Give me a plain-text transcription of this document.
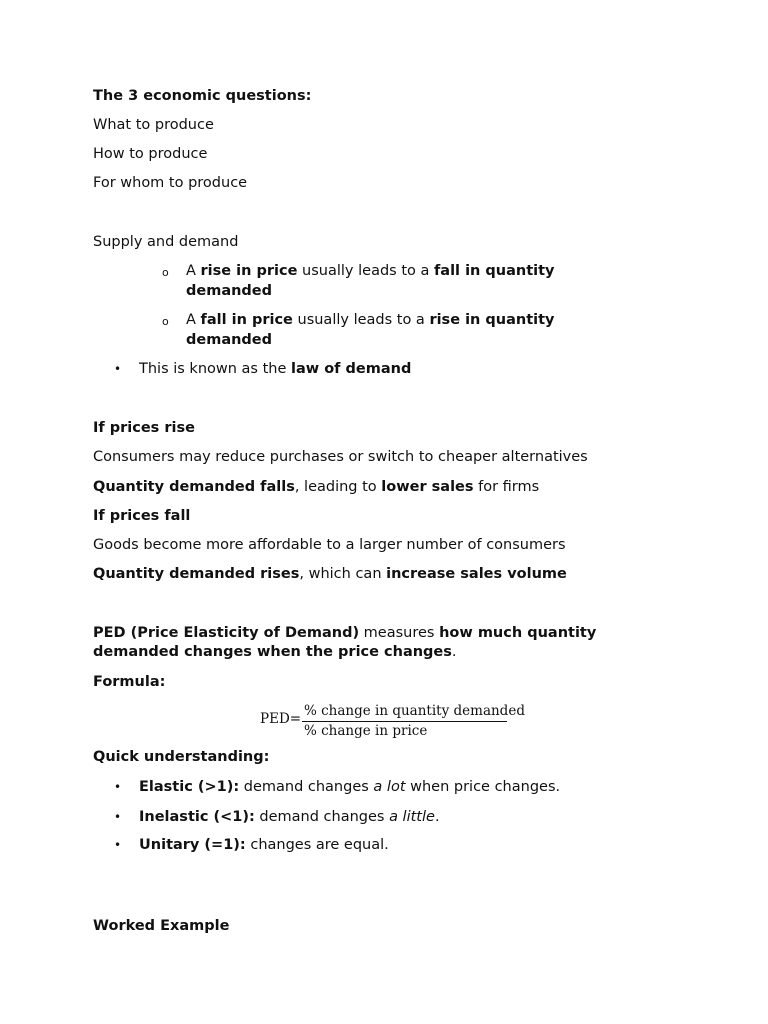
The 3 economic questions:
What to produce
How to produce
For whom to produce
Supply and demand
o A rise in price usually leads to a fall in quantity
demanded
o A fall in price usually leads to a rise in quantity
demanded
• This is known as the law of demand
If prices rise
Consumers may reduce purchases or switch to cheaper alternatives
Quantity demanded falls, leading to lower sales for firms
If prices fall
Goods become more affordable to a larger number of consumers
Quantity demanded rises, which can increase sales volume
PED (Price Elasticity of Demand) measures how much quantity
demanded changes when the price changes.
Formula:
PED= % change in quantity demanded
% change in price
Quick understanding:
• Elastic (>1): demand changes a lot when price changes.
• Inelastic (<1): demand changes a little.
• Unitary (=1): changes are equal.
Worked Example
